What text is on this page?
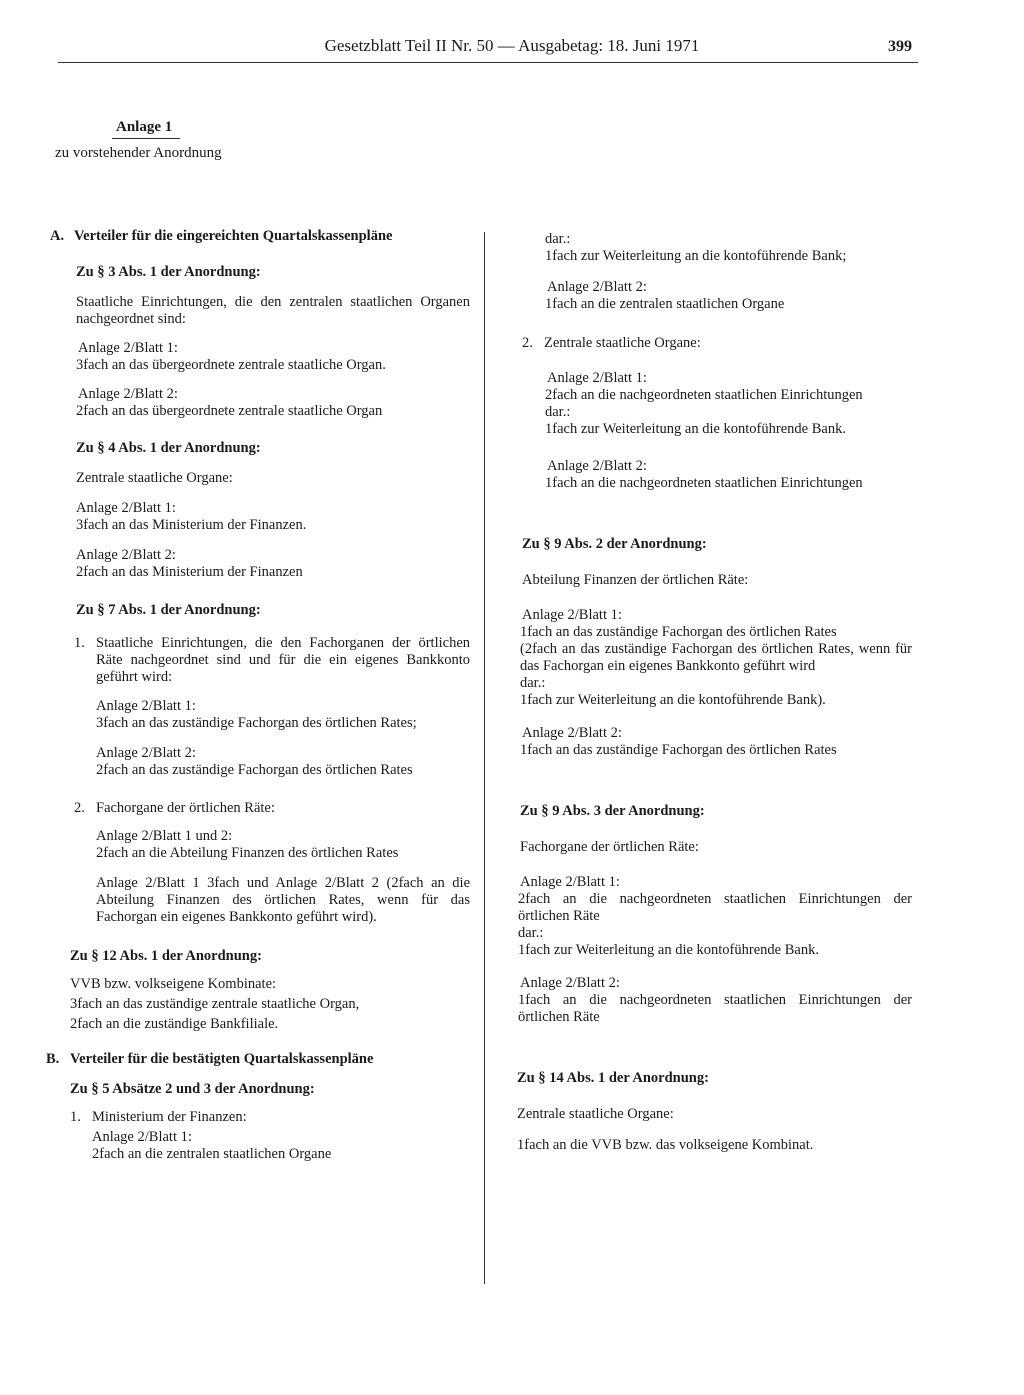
Gesetzblatt Teil II Nr. 50 — Ausgabetag: 18. Juni 1971	399
Anlage 1
zu vorstehender Anordnung

A. Verteiler für die eingereichten Quartalskassenpläne

Zu § 3 Abs. 1 der Anordnung:

Staatliche Einrichtungen, die den zentralen staatlichen Organen nachgeordnet sind:

Anlage 2/Blatt 1:

3fach an das übergeordnete zentrale staatliche Organ.

Anlage 2/Blatt 2:

2fach an das übergeordnete zentrale staatliche Organ

Zu § 4 Abs. 1 der Anordnung:

Zentrale staatliche Organe:

Anlage 2/Blatt 1:

3fach an das Ministerium der Finanzen.

Anlage 2/Blatt 2:

2fach an das Ministerium der Finanzen

Zu § 7 Abs. 1 der Anordnung:

1. Staatliche Einrichtungen, die den Fachorganen der örtlichen Räte nachgeordnet sind und für die ein eigenes Bankkonto geführt wird:

Anlage 2/Blatt 1:

3fach an das zuständige Fachorgan des örtlichen Rates;

Anlage 2/Blatt 2:

2fach an das zuständige Fachorgan des örtlichen Rates

2. Fachorgane der örtlichen Räte:

Anlage 2/Blatt 1 und 2:

2fach an die Abteilung Finanzen des örtlichen Rates

Anlage 2/Blatt 1 3fach und Anlage 2/Blatt 2 (2fach an die Abteilung Finanzen des örtlichen Rates, wenn für das Fachorgan ein eigenes Bankkonto geführt wird).

Zu § 12 Abs. 1 der Anordnung:

VVB bzw. volkseigene Kombinate:

3fach an das zuständige zentrale staatliche Organ,

2fach an die zuständige Bankfiliale.

B. Verteiler für die bestätigten Quartalskassenpläne

Zu § 5 Absätze 2 und 3 der Anordnung:

1. Ministerium der Finanzen:

Anlage 2/Blatt 1:

2fach an die zentralen staatlichen Organe

dar.:

1fach zur Weiterleitung an die kontoführende Bank;

Anlage 2/Blatt 2:

1fach an die zentralen staatlichen Organe

2. Zentrale staatliche Organe:

Anlage 2/Blatt 1:

2fach an die nachgeordneten staatlichen Einrichtungen

dar.:

1fach zur Weiterleitung an die kontoführende Bank.

Anlage 2/Blatt 2:

1fach an die nachgeordneten staatlichen Einrichtungen

Zu § 9 Abs. 2 der Anordnung:

Abteilung Finanzen der örtlichen Räte:

Anlage 2/Blatt 1:

1fach an das zuständige Fachorgan des örtlichen Rates

(2fach an das zuständige Fachorgan des örtlichen Rates, wenn für das Fachorgan ein eigenes Bankkonto geführt wird

dar.:

1fach zur Weiterleitung an die kontoführende Bank).

Anlage 2/Blatt 2:

1fach an das zuständige Fachorgan des örtlichen Rates

Zu § 9 Abs. 3 der Anordnung:

Fachorgane der örtlichen Räte:

Anlage 2/Blatt 1:

2fach an die nachgeordneten staatlichen Einrichtungen der örtlichen Räte

dar.:

1fach zur Weiterleitung an die kontoführende Bank.

Anlage 2/Blatt 2:

1fach an die nachgeordneten staatlichen Einrichtungen der örtlichen Räte

Zu § 14 Abs. 1 der Anordnung:

Zentrale staatliche Organe:

1fach an die VVB bzw. das volkseigene Kombinat.
